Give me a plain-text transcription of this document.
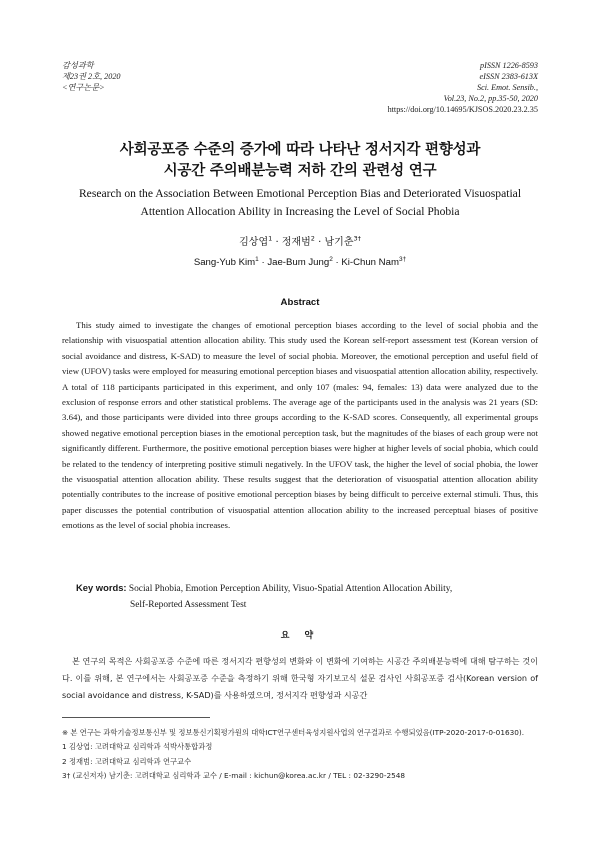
감성과학
제23권 2호, 2020
<연구논문>
pISSN 1226-8593
eISSN 2383-613X
Sci. Emot. Sensib.,
Vol.23, No.2, pp.35-50, 2020
https://doi.org/10.14695/KJSOS.2020.23.2.35
사회공포증 수준의 증가에 따라 나타난 정서지각 편향성과
시공간 주의배분능력 저하 간의 관련성 연구
Research on the Association Between Emotional Perception Bias and Deteriorated Visuospatial
Attention Allocation Ability in Increasing the Level of Social Phobia
김상엽$^1$ · 정재범$^2$ · 남기춘$^{3\dagger}$
Sang-Yub Kim$^1$ · Jae-Bum Jung$^2$ · Ki-Chun Nam$^{3\dagger}$
Abstract

This study aimed to investigate the changes of emotional perception biases according to the level of social phobia and the relationship with visuospatial attention allocation ability. This study used the Korean self-report assessment test (Korean version of social avoidance and distress, K-SAD) to measure the level of social phobia. Moreover, the emotional perception and useful field of view (UFOV) tasks were employed for measuring emotional perception biases and visuospatial attention allocation ability, respectively. A total of 118 participants participated in this experiment, and only 107 (males: 94, females: 13) data were analyzed due to the exclusion of response errors and other statistical problems. The average age of the participants used in the analysis was 21 years (SD: 3.64), and those participants were divided into three groups according to the K-SAD scores. Consequently, all experimental groups showed negative emotional perception biases in the emotional perception task, but the magnitudes of the biases of each group were not significantly different. Furthermore, the positive emotional perception biases were higher at higher levels of social phobia, which could be related to the tendency of interpreting positive stimuli negatively. In the UFOV task, the higher the level of social phobia, the lower the visuospatial attention allocation ability. These results suggest that the deterioration of visuospatial attention allocation ability potentially contributes to the increase of positive emotional perception biases by being difficult to perceive external stimuli. Thus, this paper discusses the potential contribution of visuospatial attention allocation ability to the increased perceptual biases of positive emotions as the level of social phobia increases.

Key words: Social Phobia, Emotion Perception Ability, Visuo-Spatial Attention Allocation Ability,
Self-Reported Assessment Test
요 약

본 연구의 목적은 사회공포증 수준에 따른 정서지각 편향성의 변화와 이 변화에 기여하는 시공간 주의배분능력에 대해 탐구하는 것이다. 이를 위해, 본 연구에서는 사회공포증 수준을 측정하기 위해 한국형 자기보고식 설문 검사인 사회공포증 검사(Korean version of social avoidance and distress, K-SAD)를 사용하였으며, 정서지각 편향성과 시공간

※ 본 연구는 과학기술정보통신부 및 정보통신기획평가원의 대학ICT연구센터육성지원사업의 연구결과로 수행되었음(ITP-2020-2017-0-01630).
1 김상엽: 고려대학교 심리학과 석박사통합과정
2 정재범: 고려대학교 심리학과 연구교수
3† (교신저자) 남기춘: 고려대학교 심리학과 교수 / E-mail : kichun@korea.ac.kr / TEL : 02-3290-2548
